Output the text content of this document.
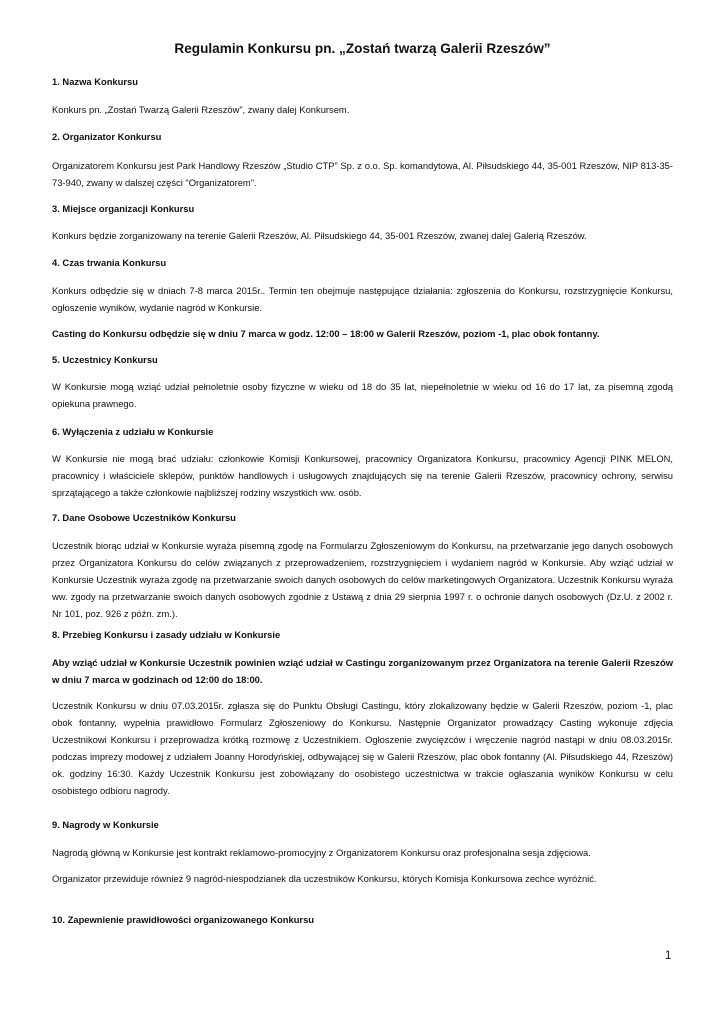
Regulamin Konkursu pn. „Zostań twarzą Galerii Rzeszów”
1. Nazwa Konkursu
Konkurs pn. „Zostań Twarzą Galerii Rzeszów”, zwany dalej Konkursem.
2. Organizator Konkursu
Organizatorem Konkursu jest Park Handlowy Rzeszów „Studio CTP” Sp. z o.o. Sp. komandytowa, Al. Piłsudskiego 44, 35-001 Rzeszów, NIP 813-35-73-940, zwany w dalszej części "Organizatorem".
3. Miejsce organizacji Konkursu
Konkurs będzie zorganizowany na terenie Galerii Rzeszów, Al. Piłsudskiego 44, 35-001 Rzeszów, zwanej dalej Galerią Rzeszów.
4. Czas trwania Konkursu
Konkurs odbędzie się w dniach 7-8 marca 2015r.. Termin ten obejmuje następujące działania: zgłoszenia do Konkursu, rozstrzygnięcie Konkursu, ogłoszenie wyników, wydanie nagród w Konkursie.
Casting do Konkursu odbędzie się w dniu 7 marca w godz. 12:00 – 18:00 w Galerii Rzeszów, poziom -1, plac obok fontanny.
5. Uczestnicy Konkursu
W Konkursie mogą wziąć udział pełnoletnie osoby fizyczne w wieku od 18 do 35 lat, niepełnoletnie w wieku od 16 do 17 lat, za pisemną zgodą opiekuna prawnego.
6. Wyłączenia z udziału w Konkursie
W Konkursie nie mogą brać udziału: członkowie Komisji Konkursowej, pracownicy Organizatora Konkursu, pracownicy Agencji PINK MELON, pracownicy i właściciele sklepów, punktów handlowych i usługowych znajdujących się na terenie Galerii Rzeszów, pracownicy ochrony, serwisu sprzątającego a także członkowie najbliższej rodziny wszystkich ww. osób.
7. Dane Osobowe Uczestników Konkursu
Uczestnik biorąc udział w Konkursie wyraża pisemną zgodę na Formularzu Zgłoszeniowym do Konkursu, na przetwarzanie jego danych osobowych przez Organizatora Konkursu do celów związanych z przeprowadzeniem, rozstrzygnięciem i wydaniem nagród w Konkursie. Aby wziąć udział w Konkursie Uczestnik wyraża zgodę na przetwarzanie swoich danych osobowych do celów marketingowych Organizatora. Uczestnik Konkursu wyraża ww. zgody na przetwarzanie swoich danych osobowych zgodnie z Ustawą z dnia 29 sierpnia 1997 r. o ochronie danych osobowych (Dz.U. z 2002 r. Nr 101, poz. 926 z późn. zm.).
8. Przebieg Konkursu i zasady udziału w Konkursie
Aby wziąć udział w Konkursie Uczestnik powinien wziąć udział w Castingu zorganizowanym przez Organizatora na terenie Galerii Rzeszów w dniu 7 marca w godzinach od 12:00 do 18:00.
Uczestnik Konkursu w dniu 07.03.2015r. zgłasza się do Punktu Obsługi Castingu, który zlokalizowany będzie w Galerii Rzeszów, poziom -1, plac obok fontanny, wypełnia prawidłowo Formularz Zgłoszeniowy do Konkursu. Następnie Organizator prowadzący Casting wykonuje zdjęcia Uczestnikowi Konkursu i przeprowadza krótką rozmowę z Uczestnikiem. Ogłoszenie zwycięzców i wręczenie nagród nastąpi w dniu 08.03.2015r. podczas imprezy modowej z udziałem Joanny Horodyńskiej, odbywającej się w Galerii Rzeszów, plac obok fontanny (Al. Piłsudskiego 44, Rzeszów) ok. godziny 16:30. Każdy Uczestnik Konkursu jest zobowiązany do osobistego uczestnictwa w trakcie ogłaszania wyników Konkursu w celu osobistego odbioru nagrody.
9. Nagrody w Konkursie
Nagrodą główną w Konkursie jest kontrakt reklamowo-promocyjny z Organizatorem Konkursu oraz profesjonalna sesja zdjęciowa.
Organizator przewiduje również 9 nagród-niespodzianek dla uczestników Konkursu, których Komisja Konkursowa zechce wyróżnić.
10. Zapewnienie prawidłowości organizowanego Konkursu
1
